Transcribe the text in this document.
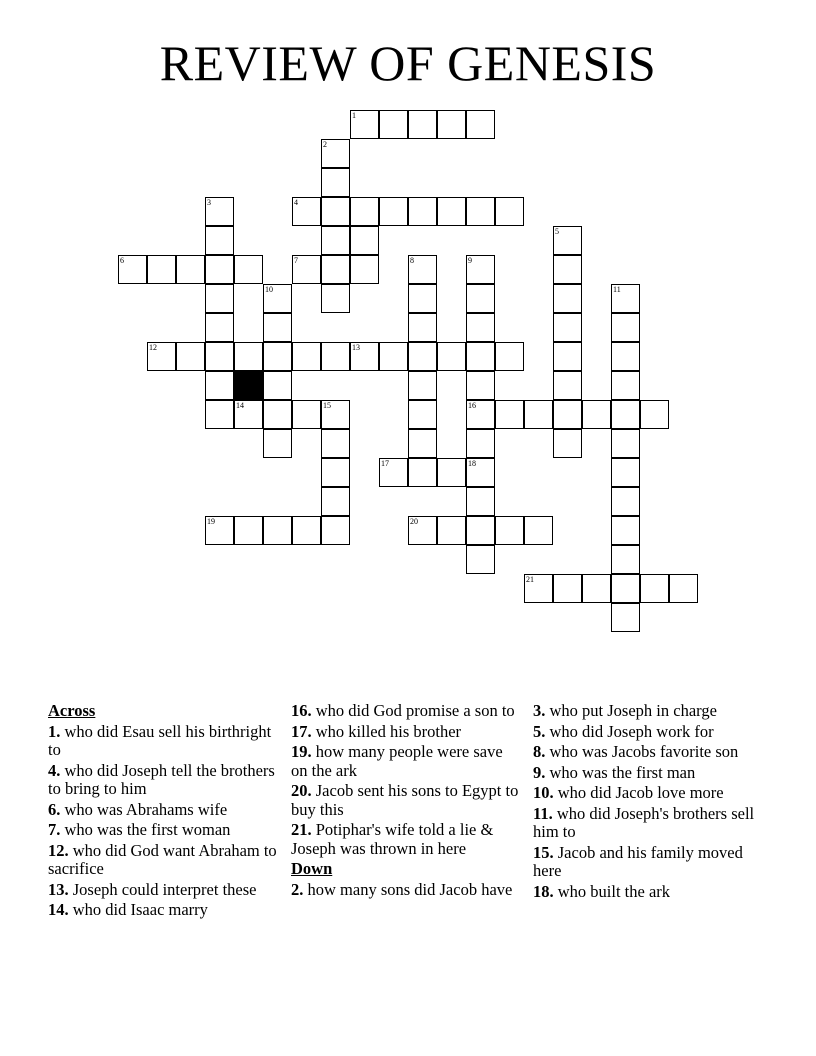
REVIEW OF GENESIS
1
2
3	4
5
6	7	8	9
10	11
12	13
14	15	16
17	18
19	20
21
Across
1. who did Esau sell his birthright to
4. who did Joseph tell the brothers to bring to him
6. who was Abrahams wife
7. who was the first woman
12. who did God want Abraham to sacrifice
13. Joseph could interpret these
14. who did Isaac marry
16. who did God promise a son to
17. who killed his brother
19. how many people were save on the ark
20. Jacob sent his sons to Egypt to buy this
21. Potiphar's wife told a lie & Joseph was thrown in here
Down
2. how many sons did Jacob have
3. who put Joseph in charge
5. who did Joseph work for
8. who was Jacobs favorite son
9. who was the first man
10. who did Jacob love more
11. who did Joseph's brothers sell him to
15. Jacob and his family moved here
18. who built the ark
